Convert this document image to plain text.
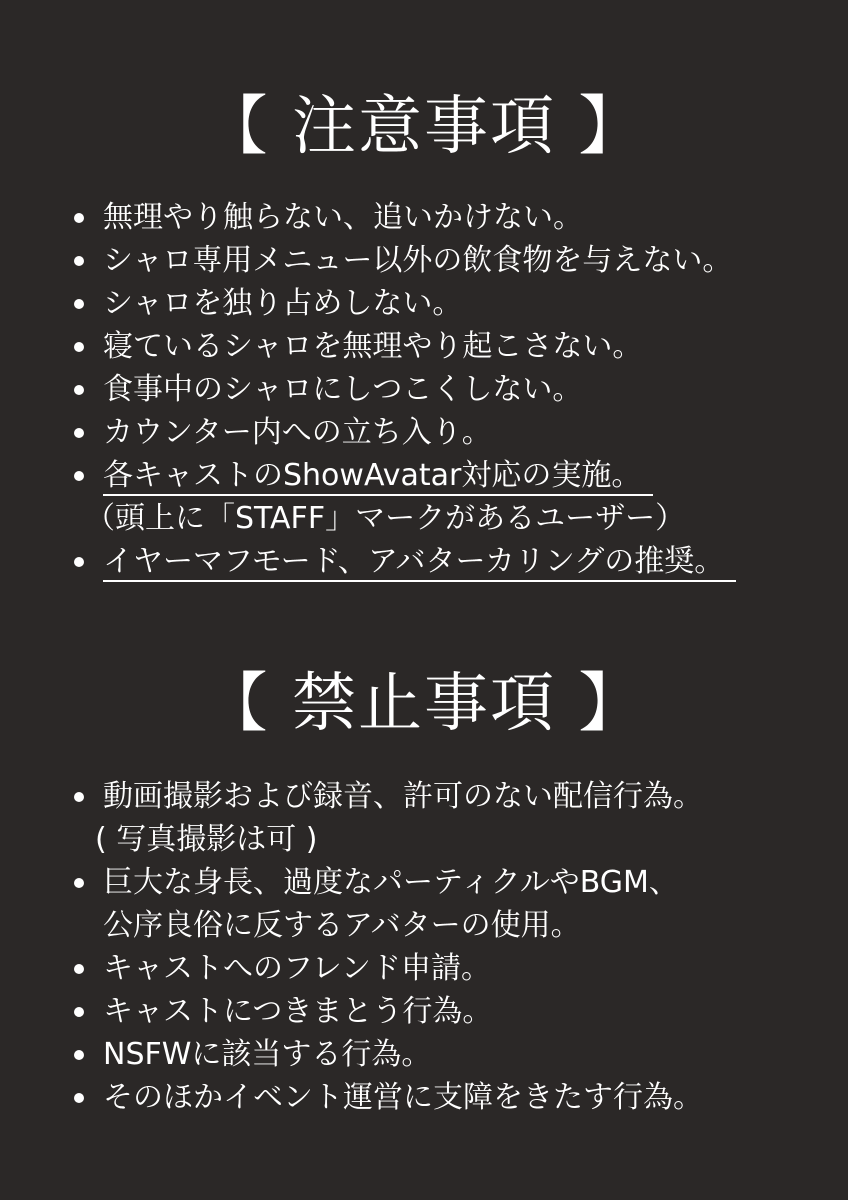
【 注意事項 】
無理やり触らない、追いかけない。
シャロ専用メニュー以外の飲食物を与えない。
シャロを独り占めしない。
寝ているシャロを無理やり起こさない。
食事中のシャロにしつこくしない。
カウンター内への立ち入り。
各キャストのShowAvatar対応の実施。
（頭上に「STAFF」マークがあるユーザー）
イヤーマフモード、アバターカリングの推奨。
【 禁止事項 】
動画撮影および録音、許可のない配信行為。
( 写真撮影は可 )
巨大な身長、過度なパーティクルやBGM、
公序良俗に反するアバターの使用。
キャストへのフレンド申請。
キャストにつきまとう行為。
NSFWに該当する行為。
そのほかイベント運営に支障をきたす行為。
